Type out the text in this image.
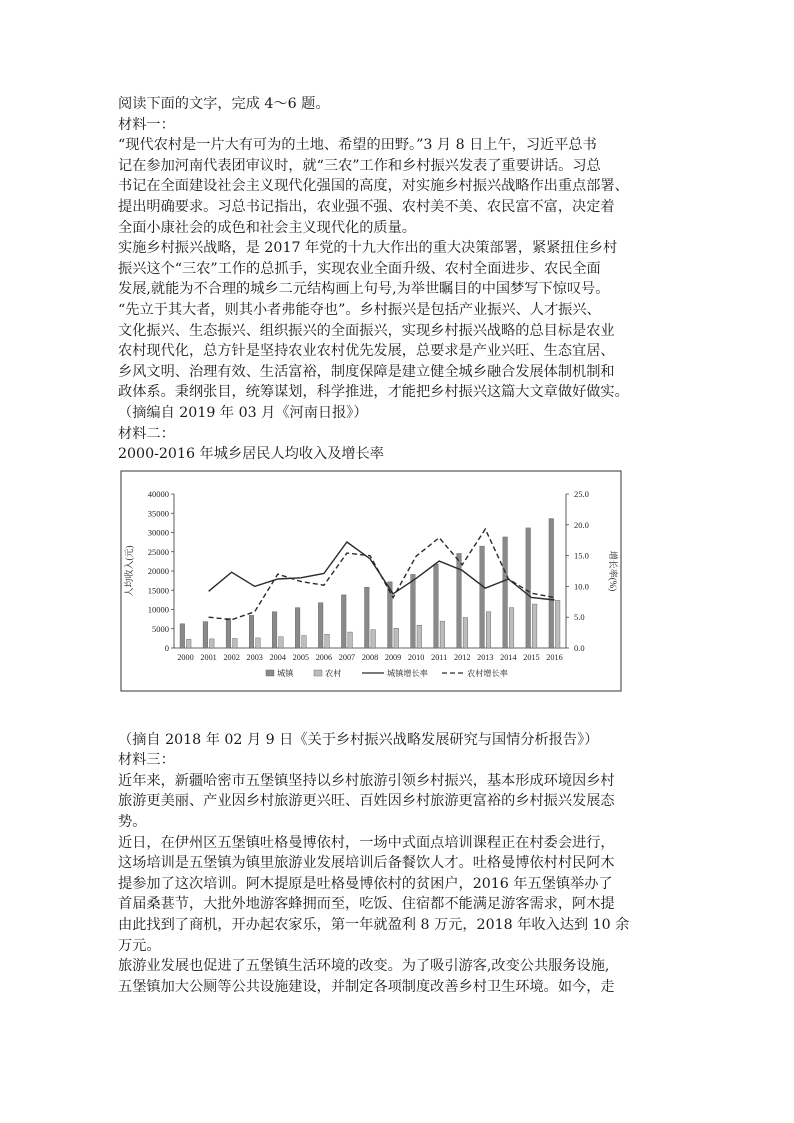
阅读下面的文字，完成 4～6 题。
材料一：
“现代农村是一片大有可为的土地、希望的田野。”3 月 8 日上午，习近平总书
记在参加河南代表团审议时，就“三农”工作和乡村振兴发表了重要讲话。习总
书记在全面建设社会主义现代化强国的高度，对实施乡村振兴战略作出重点部署、
提出明确要求。习总书记指出，农业强不强、农村美不美、农民富不富，决定着
全面小康社会的成色和社会主义现代化的质量。
实施乡村振兴战略，是 2017 年党的十九大作出的重大决策部署，紧紧扭住乡村
振兴这个“三农”工作的总抓手，实现农业全面升级、农村全面进步、农民全面
发展,就能为不合理的城乡二元结构画上句号,为举世瞩目的中国梦写下惊叹号。
“先立于其大者，则其小者弗能夺也”。乡村振兴是包括产业振兴、人才振兴、
文化振兴、生态振兴、组织振兴的全面振兴，实现乡村振兴战略的总目标是农业
农村现代化，总方针是坚持农业农村优先发展，总要求是产业兴旺、生态宜居、
乡风文明、治理有效、生活富裕，制度保障是建立健全城乡融合发展体制机制和
政体系。秉纲张目，统筹谋划，科学推进，才能把乡村振兴这篇大文章做好做实。
（摘编自 2019 年 03 月《河南日报》）
材料二：
2000-2016 年城乡居民人均收入及增长率
0
5000
10000
15000
20000
25000
30000
35000
40000
0.0
5.0
10.0
15.0
20.0
25.0
人均收入(元)	增长率(%)
2000 2001 2002 2003 2004 2005 2006 2007 2008 2009 2010 2011 2012 2013 2014 2015 2016
城镇	农村	城镇增长率	农村增长率
（摘自 2018 年 02 月 9 日《关于乡村振兴战略发展研究与国情分析报告》）
材料三：
近年来，新疆哈密市五堡镇坚持以乡村旅游引领乡村振兴，基本形成环境因乡村
旅游更美丽、产业因乡村旅游更兴旺、百姓因乡村旅游更富裕的乡村振兴发展态
势。
近日，在伊州区五堡镇吐格曼博依村，一场中式面点培训课程正在村委会进行，
这场培训是五堡镇为镇里旅游业发展培训后备餐饮人才。吐格曼博依村村民阿木
提参加了这次培训。阿木提原是吐格曼博依村的贫困户，2016 年五堡镇举办了
首届桑葚节，大批外地游客蜂拥而至，吃饭、住宿都不能满足游客需求，阿木提
由此找到了商机，开办起农家乐，第一年就盈利 8 万元，2018 年收入达到 10 余
万元。
旅游业发展也促进了五堡镇生活环境的改变。为了吸引游客,改变公共服务设施,
五堡镇加大公厕等公共设施建设，并制定各项制度改善乡村卫生环境。如今，走
